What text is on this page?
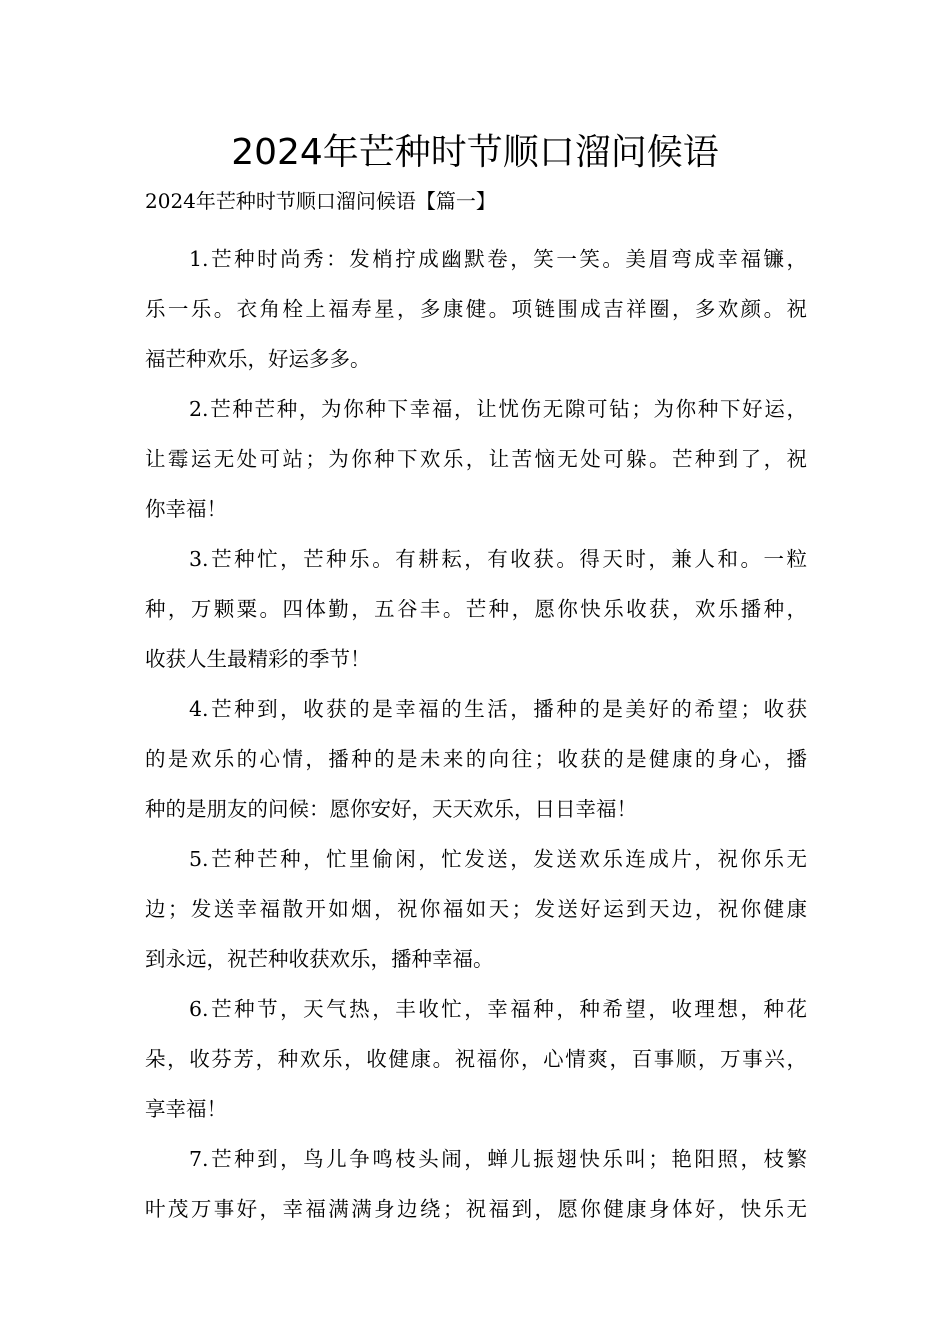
2024年芒种时节顺口溜问候语

2024年芒种时节顺口溜问候语【篇一】

1.芒种时尚秀：发梢拧成幽默卷，笑一笑。美眉弯成幸福镰，
乐一乐。衣角栓上福寿星，多康健。项链围成吉祥圈，多欢颜。祝
福芒种欢乐，好运多多。

2.芒种芒种，为你种下幸福，让忧伤无隙可钻；为你种下好运，
让霉运无处可站；为你种下欢乐，让苦恼无处可躲。芒种到了，祝
你幸福！

3.芒种忙，芒种乐。有耕耘，有收获。得天时，兼人和。一粒
种，万颗粟。四体勤，五谷丰。芒种，愿你快乐收获，欢乐播种，
收获人生最精彩的季节！

4.芒种到，收获的是幸福的生活，播种的是美好的希望；收获
的是欢乐的心情，播种的是未来的向往；收获的是健康的身心，播
种的是朋友的问候：愿你安好，天天欢乐，日日幸福！

5.芒种芒种，忙里偷闲，忙发送，发送欢乐连成片，祝你乐无
边；发送幸福散开如烟，祝你福如天；发送好运到天边，祝你健康
到永远，祝芒种收获欢乐，播种幸福。

6.芒种节，天气热，丰收忙，幸福种，种希望，收理想，种花
朵，收芬芳，种欢乐，收健康。祝福你，心情爽，百事顺，万事兴，
享幸福！

7.芒种到，鸟儿争鸣枝头闹，蝉儿振翅快乐叫；艳阳照，枝繁
叶茂万事好，幸福满满身边绕；祝福到，愿你健康身体好，快乐无
